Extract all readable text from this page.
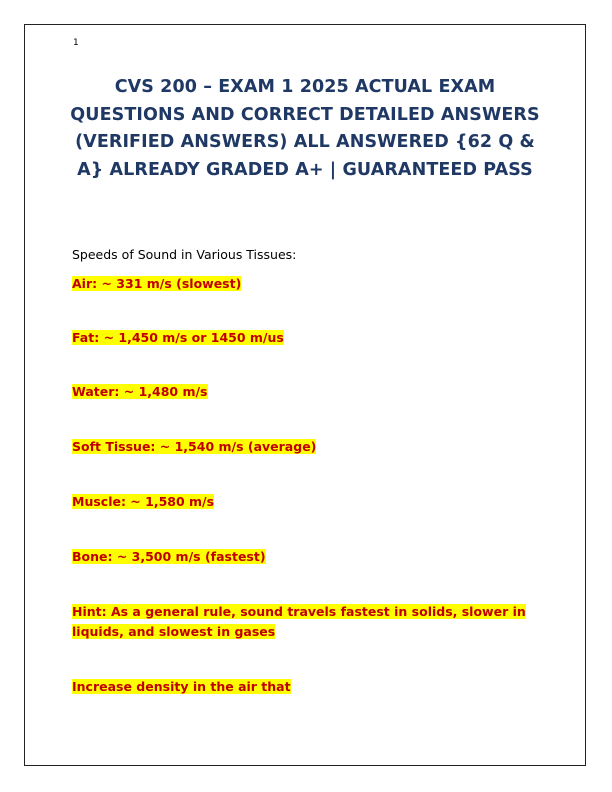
1
CVS 200 – EXAM 1 2025 ACTUAL EXAM QUESTIONS AND CORRECT DETAILED ANSWERS (VERIFIED ANSWERS) ALL ANSWERED {62 Q & A} ALREADY GRADED A+ | GUARANTEED PASS

Speeds of Sound in Various Tissues:

Air: ~ 331 m/s (slowest)

Fat: ~ 1,450 m/s or 1450 m/us

Water: ~ 1,480 m/s

Soft Tissue: ~ 1,540 m/s (average)

Muscle: ~ 1,580 m/s

Bone: ~ 3,500 m/s (fastest)

Hint: As a general rule, sound travels fastest in solids, slower in liquids, and slowest in gases

Increase density in the air that
